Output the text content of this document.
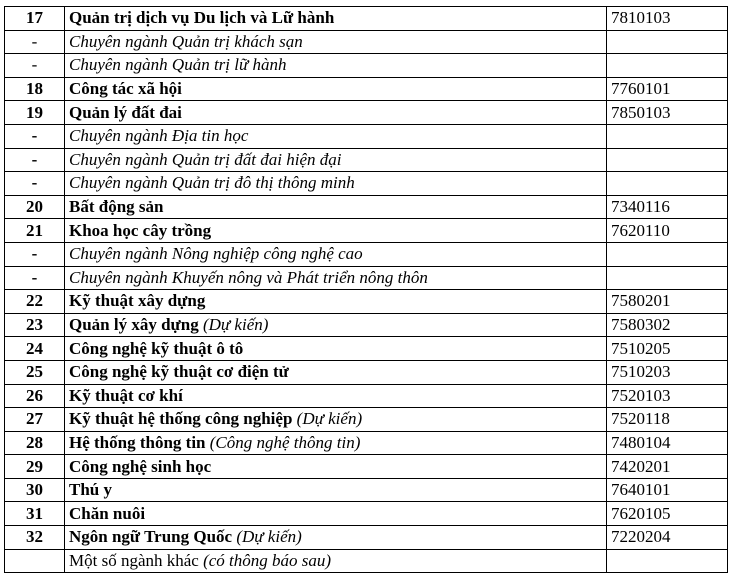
17	Quản trị dịch vụ Du lịch và Lữ hành	7810103
-	Chuyên ngành Quản trị khách sạn	
-	Chuyên ngành Quản trị lữ hành	
18	Công tác xã hội	7760101
19	Quản lý đất đai	7850103
-	Chuyên ngành Địa tin học	
-	Chuyên ngành Quản trị đất đai hiện đại	
-	Chuyên ngành Quản trị đô thị thông minh	
20	Bất động sản	7340116
21	Khoa học cây trồng	7620110
-	Chuyên ngành Nông nghiệp công nghệ cao	
-	Chuyên ngành Khuyến nông và Phát triển nông thôn	
22	Kỹ thuật xây dựng	7580201
23	Quản lý xây dựng (Dự kiến)	7580302
24	Công nghệ kỹ thuật ô tô	7510205
25	Công nghệ kỹ thuật cơ điện tử	7510203
26	Kỹ thuật cơ khí	7520103
27	Kỹ thuật hệ thống công nghiệp (Dự kiến)	7520118
28	Hệ thống thông tin (Công nghệ thông tin)	7480104
29	Công nghệ sinh học	7420201
30	Thú y	7640101
31	Chăn nuôi	7620105
32	Ngôn ngữ Trung Quốc (Dự kiến)	7220204
	Một số ngành khác (có thông báo sau)	
